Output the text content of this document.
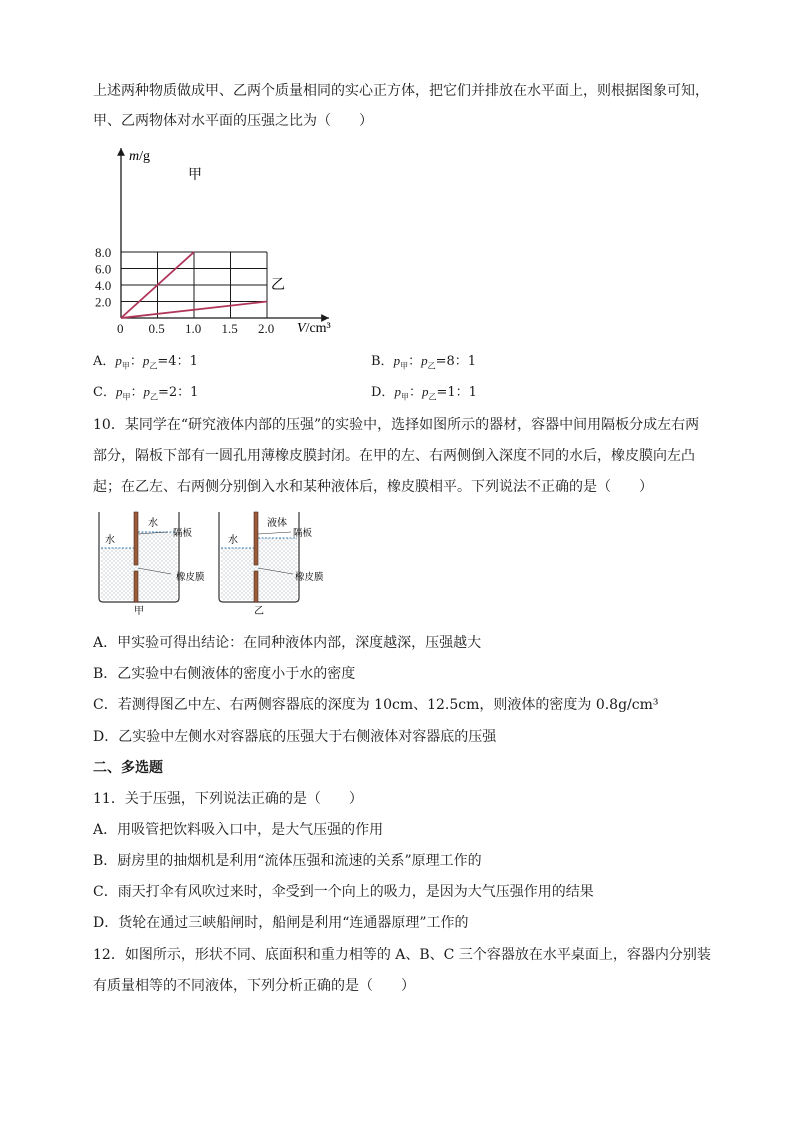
上述两种物质做成甲、乙两个质量相同的实心正方体，把它们并排放在水平面上，则根据图象可知，
甲、乙两物体对水平面的压强之比为（　　）
0 0.5 1.0 1.5 2.0
2.0
4.0
6.0
8.0
m/g
V/cm³
甲
乙
A．$p_甲$：$p_乙=4$：1	B．$p_甲$：$p_乙=8$：1
C．$p_甲$：$p_乙=2$：1	D．$p_甲$：$p_乙=1$：1
10．某同学在“研究液体内部的压强”的实验中，选择如图所示的器材，容器中间用隔板分成左右两
部分，隔板下部有一圆孔用薄橡皮膜封闭。在甲的左、右两侧倒入深度不同的水后，橡皮膜向左凸
起；在乙左、右两侧分别倒入水和某种液体后，橡皮膜相平。下列说法不正确的是（　　）
水
水
隔板
橡皮膜
甲
液体
水
隔板
橡皮膜
乙
A．甲实验可得出结论：在同种液体内部，深度越深，压强越大
B．乙实验中右侧液体的密度小于水的密度
C．若测得图乙中左、右两侧容器底的深度为 10cm、12.5cm，则液体的密度为 0.8g/cm³
D．乙实验中左侧水对容器底的压强大于右侧液体对容器底的压强
二、多选题
11．关于压强，下列说法正确的是（　　）
A．用吸管把饮料吸入口中，是大气压强的作用
B．厨房里的抽烟机是利用“流体压强和流速的关系”原理工作的
C．雨天打伞有风吹过来时，伞受到一个向上的吸力，是因为大气压强作用的结果
D．货轮在通过三峡船闸时，船闸是利用“连通器原理”工作的
12．如图所示，形状不同、底面积和重力相等的 A、B、C 三个容器放在水平桌面上，容器内分别装
有质量相等的不同液体，下列分析正确的是（　　）
